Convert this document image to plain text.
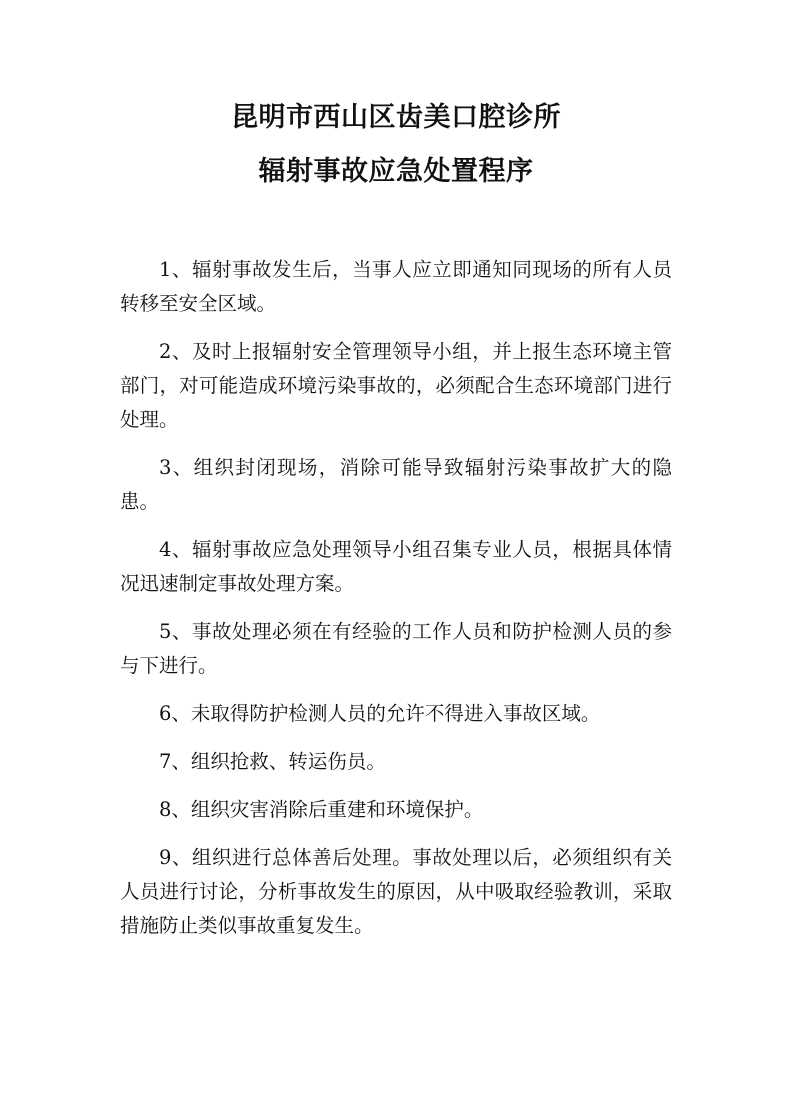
昆明市西山区齿美口腔诊所
辐射事故应急处置程序

1、辐射事故发生后，当事人应立即通知同现场的所有人员转移至安全区域。

2、及时上报辐射安全管理领导小组，并上报生态环境主管部门，对可能造成环境污染事故的，必须配合生态环境部门进行处理。

3、组织封闭现场，消除可能导致辐射污染事故扩大的隐患。

4、辐射事故应急处理领导小组召集专业人员，根据具体情况迅速制定事故处理方案。

5、事故处理必须在有经验的工作人员和防护检测人员的参与下进行。

6、未取得防护检测人员的允许不得进入事故区域。

7、组织抢救、转运伤员。

8、组织灾害消除后重建和环境保护。

9、组织进行总体善后处理。事故处理以后，必须组织有关人员进行讨论，分析事故发生的原因，从中吸取经验教训，采取措施防止类似事故重复发生。
